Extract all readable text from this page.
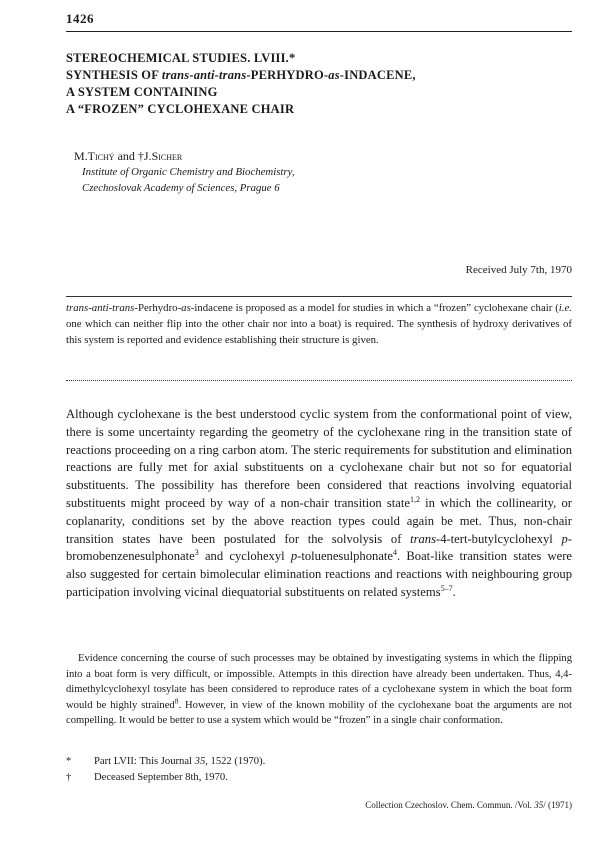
1426
STEREOCHEMICAL STUDIES. LVIII.*
SYNTHESIS OF trans-anti-trans-PERHYDRO-as-INDACENE,
A SYSTEM CONTAINING
A “FROZEN” CYCLOHEXANE CHAIR
M.Tichý and †J.Sicher
Institute of Organic Chemistry and Biochemistry,
Czechoslovak Academy of Sciences, Prague 6
Received July 7th, 1970
trans-anti-trans-Perhydro-as-indacene is proposed as a model for studies in which a “frozen” cyclohexane chair (i.e. one which can neither flip into the other chair nor into a boat) is required. The synthesis of hydroxy derivatives of this system is reported and evidence establishing their structure is given.
Although cyclohexane is the best understood cyclic system from the conformational point of view, there is some uncertainty regarding the geometry of the cyclohexane ring in the transition state of reactions proceeding on a ring carbon atom. The steric requirements for substitution and elimination reactions are fully met for axial substituents on a cyclohexane chair but not so for equatorial substituents. The possibility has therefore been considered that reactions involving equatorial substituents might proceed by way of a non-chair transition state$^{1,2}$ in which the collinearity, or coplanarity, conditions set by the above reaction types could again be met. Thus, non-chair transition states have been postulated for the solvolysis of trans-4-tert-butylcyclohexyl p-bromobenzenesulphonate$^3$ and cyclohexyl p-toluenesulphonate$^4$. Boat-like transition states were also suggested for certain bimolecular elimination reactions and reactions with neighbouring group participation involving vicinal diequatorial substituents on related systems$^{5-7}$.
Evidence concerning the course of such processes may be obtained by investigating systems in which the flipping into a boat form is very difficult, or impossible. Attempts in this direction have already been undertaken. Thus, 4,4-dimethylcyclohexyl tosylate has been considered to reproduce rates of a cyclohexane system in which the boat form would be highly strained$^8$. However, in view of the known mobility of the cyclohexane boat the arguments are not compelling. It would be better to use a system which would be “frozen” in a single chair conformation.
* Part LVII: This Journal 35, 1522 (1970).
† Deceased September 8th, 1970.
Collection Czechoslov. Chem. Commun. /Vol. 35/ (1971)
